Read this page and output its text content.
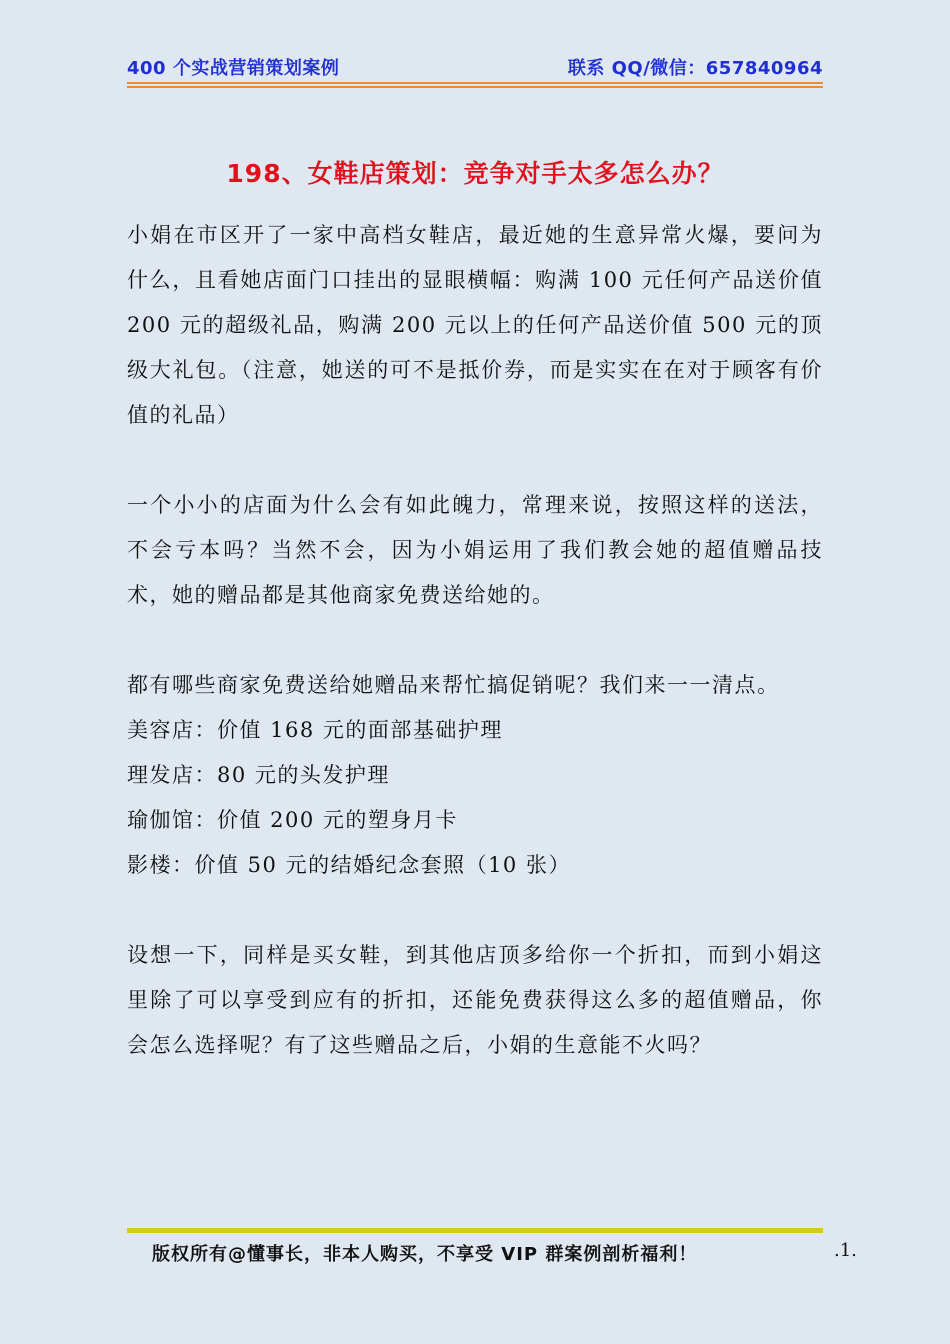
400 个实战营销策划案例	联系 QQ/微信：657840964
198、女鞋店策划：竞争对手太多怎么办？

小娟在市区开了一家中高档女鞋店，最近她的生意异常火爆，要问为什么，且看她店面门口挂出的显眼横幅：购满 100 元任何产品送价值 200 元的超级礼品，购满 200 元以上的任何产品送价值 500 元的顶级大礼包。（注意，她送的可不是抵价券，而是实实在在对于顾客有价值的礼品）

一个小小的店面为什么会有如此魄力，常理来说，按照这样的送法，不会亏本吗？当然不会，因为小娟运用了我们教会她的超值赠品技术，她的赠品都是其他商家免费送给她的。

都有哪些商家免费送给她赠品来帮忙搞促销呢？我们来一一清点。

美容店：价值 168 元的面部基础护理

理发店：80 元的头发护理

瑜伽馆：价值 200 元的塑身月卡

影楼：价值 50 元的结婚纪念套照（10 张）

设想一下，同样是买女鞋，到其他店顶多给你一个折扣，而到小娟这里除了可以享受到应有的折扣，还能免费获得这么多的超值赠品，你会怎么选择呢？有了这些赠品之后，小娟的生意能不火吗？

版权所有@懂事长，非本人购买，不享受 VIP 群案例剖析福利！	.1.
